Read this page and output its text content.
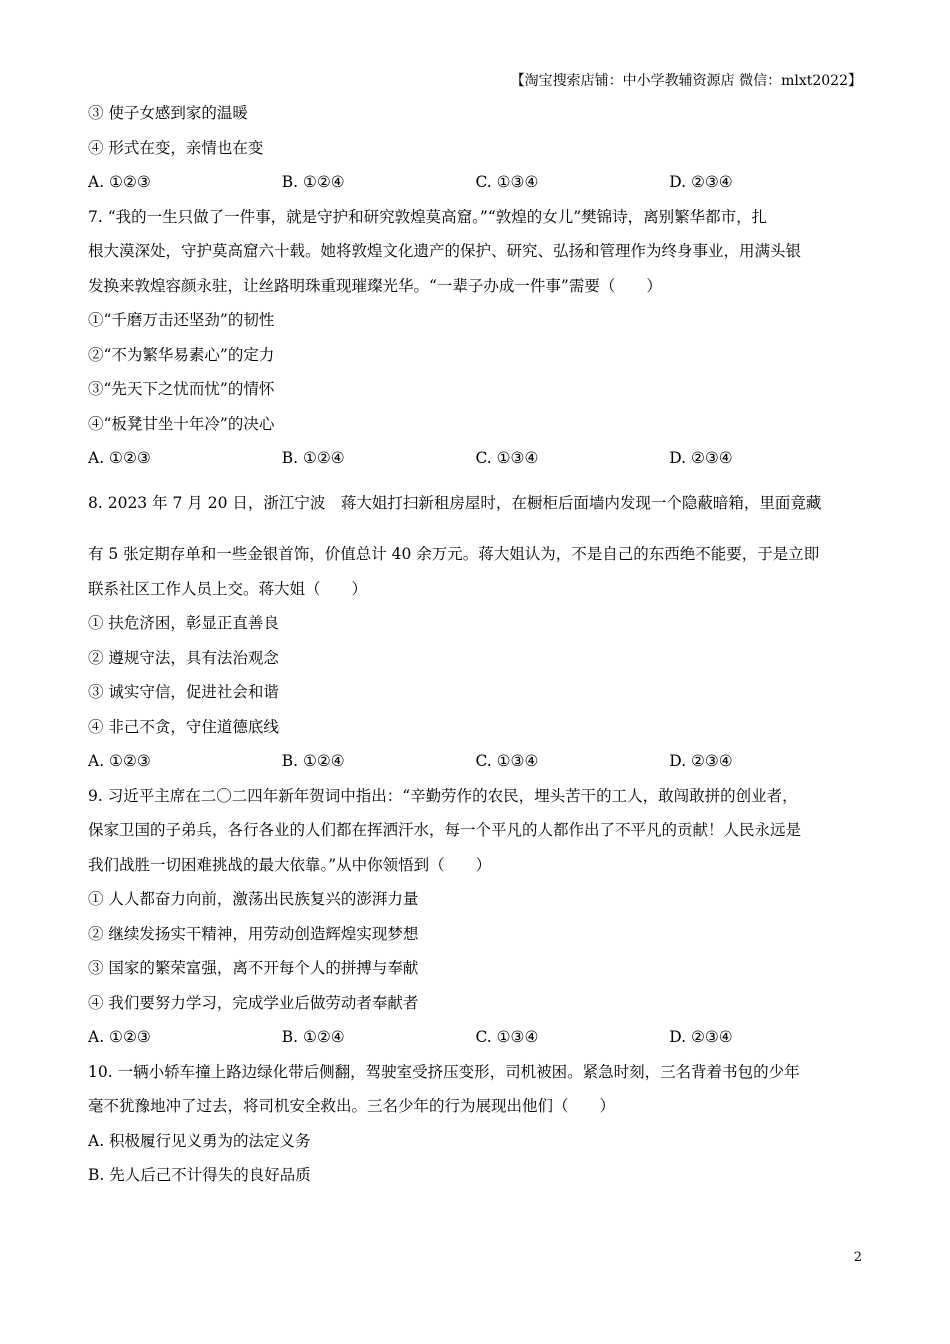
【淘宝搜索店铺：中小学教辅资源店 微信：mlxt2022】
③ 使子女感到家的温暖
④ 形式在变，亲情也在变
A. ①②③	B. ①②④	C. ①③④	D. ②③④
7. “我的一生只做了一件事，就是守护和研究敦煌莫高窟。”“敦煌的女儿”樊锦诗，离别繁华都市，扎
根大漠深处，守护莫高窟六十载。她将敦煌文化遗产的保护、研究、弘扬和管理作为终身事业，用满头银
发换来敦煌容颜永驻，让丝路明珠重现璀璨光华。“一辈子办成一件事”需要（　　）
①“千磨万击还坚劲”的韧性
②“不为繁华易素心”的定力
③“先天下之忧而忧”的情怀
④“板凳甘坐十年冷”的决心
A. ①②③	B. ①②④	C. ①③④	D. ②③④
8. 2023 年 7 月 20 日，浙江宁波　蒋大姐打扫新租房屋时，在橱柜后面墙内发现一个隐蔽暗箱，里面竟藏
有 5 张定期存单和一些金银首饰，价值总计 40 余万元。蒋大姐认为，不是自己的东西绝不能要，于是立即
联系社区工作人员上交。蒋大姐（　　）
① 扶危济困，彰显正直善良
② 遵规守法，具有法治观念
③ 诚实守信，促进社会和谐
④ 非己不贪，守住道德底线
A. ①②③	B. ①②④	C. ①③④	D. ②③④
9. 习近平主席在二〇二四年新年贺词中指出：“辛勤劳作的农民，埋头苦干的工人，敢闯敢拼的创业者，
保家卫国的子弟兵，各行各业的人们都在挥洒汗水，每一个平凡的人都作出了不平凡的贡献！人民永远是
我们战胜一切困难挑战的最大依靠。”从中你领悟到（　　）
① 人人都奋力向前，激荡出民族复兴的澎湃力量
② 继续发扬实干精神，用劳动创造辉煌实现梦想
③ 国家的繁荣富强，离不开每个人的拼搏与奉献
④ 我们要努力学习，完成学业后做劳动者奉献者
A. ①②③	B. ①②④	C. ①③④	D. ②③④
10. 一辆小轿车撞上路边绿化带后侧翻，驾驶室受挤压变形，司机被困。紧急时刻，三名背着书包的少年
毫不犹豫地冲了过去，将司机安全救出。三名少年的行为展现出他们（　　）
A. 积极履行见义勇为的法定义务
B. 先人后己不计得失的良好品质
2
